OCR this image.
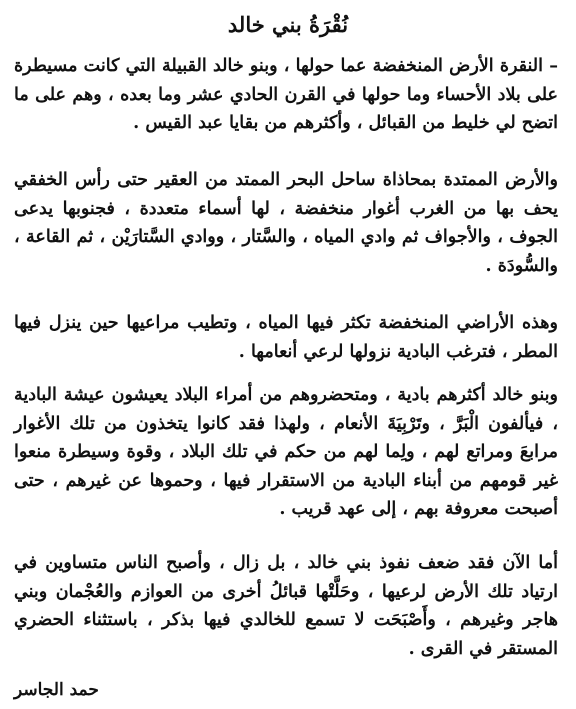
نُقْرَةُ بني خالد

– النقرة الأرض المنخفضة عما حولها ، وبنو خالد القبيلة التي كانت مسيطرة على بلاد الأحساء وما حولها في القرن الحادي عشر وما بعده ، وهم على ما اتضح لي خليط من القبائل ، وأكثرهم من بقايا عبد القيس .

والأرض الممتدة بمحاذاة ساحل البحر الممتد من العقير حتى رأس الخفقي يحف بها من الغرب أغوار منخفضة ، لها أسماء متعددة ، فجنوبها يدعى الجوف ، والأجواف ثم وادي المياه ، والسَّتار ، ووادي السَّتارَيْن ، ثم القاعة ، والسُّودَة .

وهذه الأراضي المنخفضة تكثر فيها المياه ، وتطيب مراعيها حين ينزل فيها المطر ، فترغب البادية نزولها لرعي أنعامها .

وبنو خالد أكثرهم بادية ، ومتحضروهم من أمراء البلاد يعيشون عيشة البادية ، فيألفون الْبَرَّ ، وتَرْبِيَةَ الأنعام ، ولهذا فقد كانوا يتخذون من تلك الأغوار مرابعَ ومراتع لهم ، ولِما لهم من حكم في تلك البلاد ، وقوة وسيطرة منعوا غير قومهم من أبناء البادية من الاستقرار فيها ، وحموها عن غيرهم ، حتى أصبحت معروفة بهم ، إلى عهد قريب .

أما الآن فقد ضعف نفوذ بني خالد ، بل زال ، وأصبح الناس متساوين في ارتياد تلك الأرض لرعيها ، وحَلَّتْها قبائلُ أخرى من العوازم والعُجْمان وبني هاجر وغيرهم ، وأَصْبَحَت لا تسمع للخالدي فيها بذكر ، باستثناء الحضري المستقر في القرى .

حمد الجاسر
